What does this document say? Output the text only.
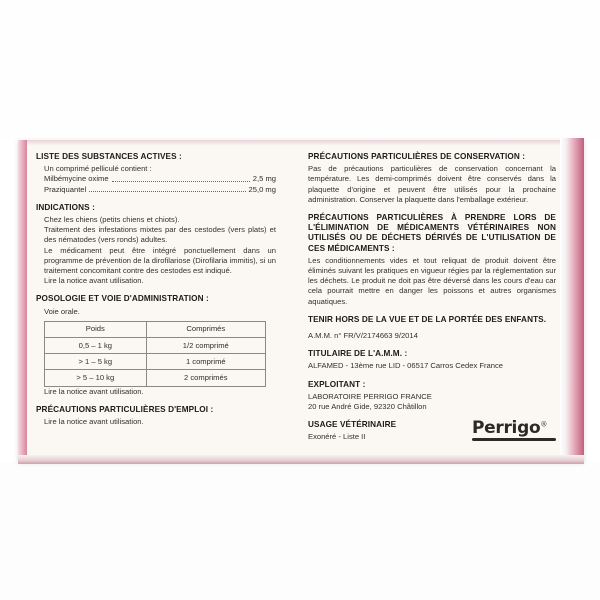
LISTE DES SUBSTANCES ACTIVES :

Un comprimé pelliculé contient :

Milbémycine oxime	2,5 mg
Praziquantel	25,0 mg
INDICATIONS :

Chez les chiens (petits chiens et chiots).

Traitement des infestations mixtes par des cestodes (vers plats) et des nématodes (vers ronds) adultes.

Le médicament peut être intégré ponctuellement dans un programme de prévention de la dirofilariose (Dirofilaria immitis), si un traitement concomitant contre des cestodes est indiqué.

Lire la notice avant utilisation.

POSOLOGIE ET VOIE D'ADMINISTRATION :

Voie orale.

Poids	Comprimés
0,5 – 1 kg	1/2 comprimé
> 1 – 5 kg	1 comprimé
> 5 – 10 kg	2 comprimés

Lire la notice avant utilisation.

PRÉCAUTIONS PARTICULIÈRES D'EMPLOI :

Lire la notice avant utilisation.

PRÉCAUTIONS PARTICULIÈRES DE CONSERVATION :

Pas de précautions particulières de conservation concernant la température. Les demi-comprimés doivent être conservés dans la plaquette d'origine et peuvent être utilisés pour la prochaine administration. Conserver la plaquette dans l'emballage extérieur.

PRÉCAUTIONS PARTICULIÈRES À PRENDRE LORS DE L'ÉLIMINATION DE MÉDICAMENTS VÉTÉRINAIRES NON UTILISÉS OU DE DÉCHETS DÉRIVÉS DE L'UTILISATION DE CES MÉDICAMENTS :

Les conditionnements vides et tout reliquat de produit doivent être éliminés suivant les pratiques en vigueur régies par la réglementation sur les déchets. Le produit ne doit pas être déversé dans les cours d'eau car cela pourrait mettre en danger les poissons et autres organismes aquatiques.

TENIR HORS DE LA VUE ET DE LA PORTÉE DES ENFANTS.

A.M.M. n° FR/V/2174663 9/2014

TITULAIRE DE L'A.M.M. :

ALFAMED - 13ème rue LID - 06517 Carros Cedex France

EXPLOITANT :

LABORATOIRE PERRIGO FRANCE

20 rue André Gide, 92320 Châtillon

USAGE VÉTÉRINAIRE

Exonéré - Liste II	Perrigo®
